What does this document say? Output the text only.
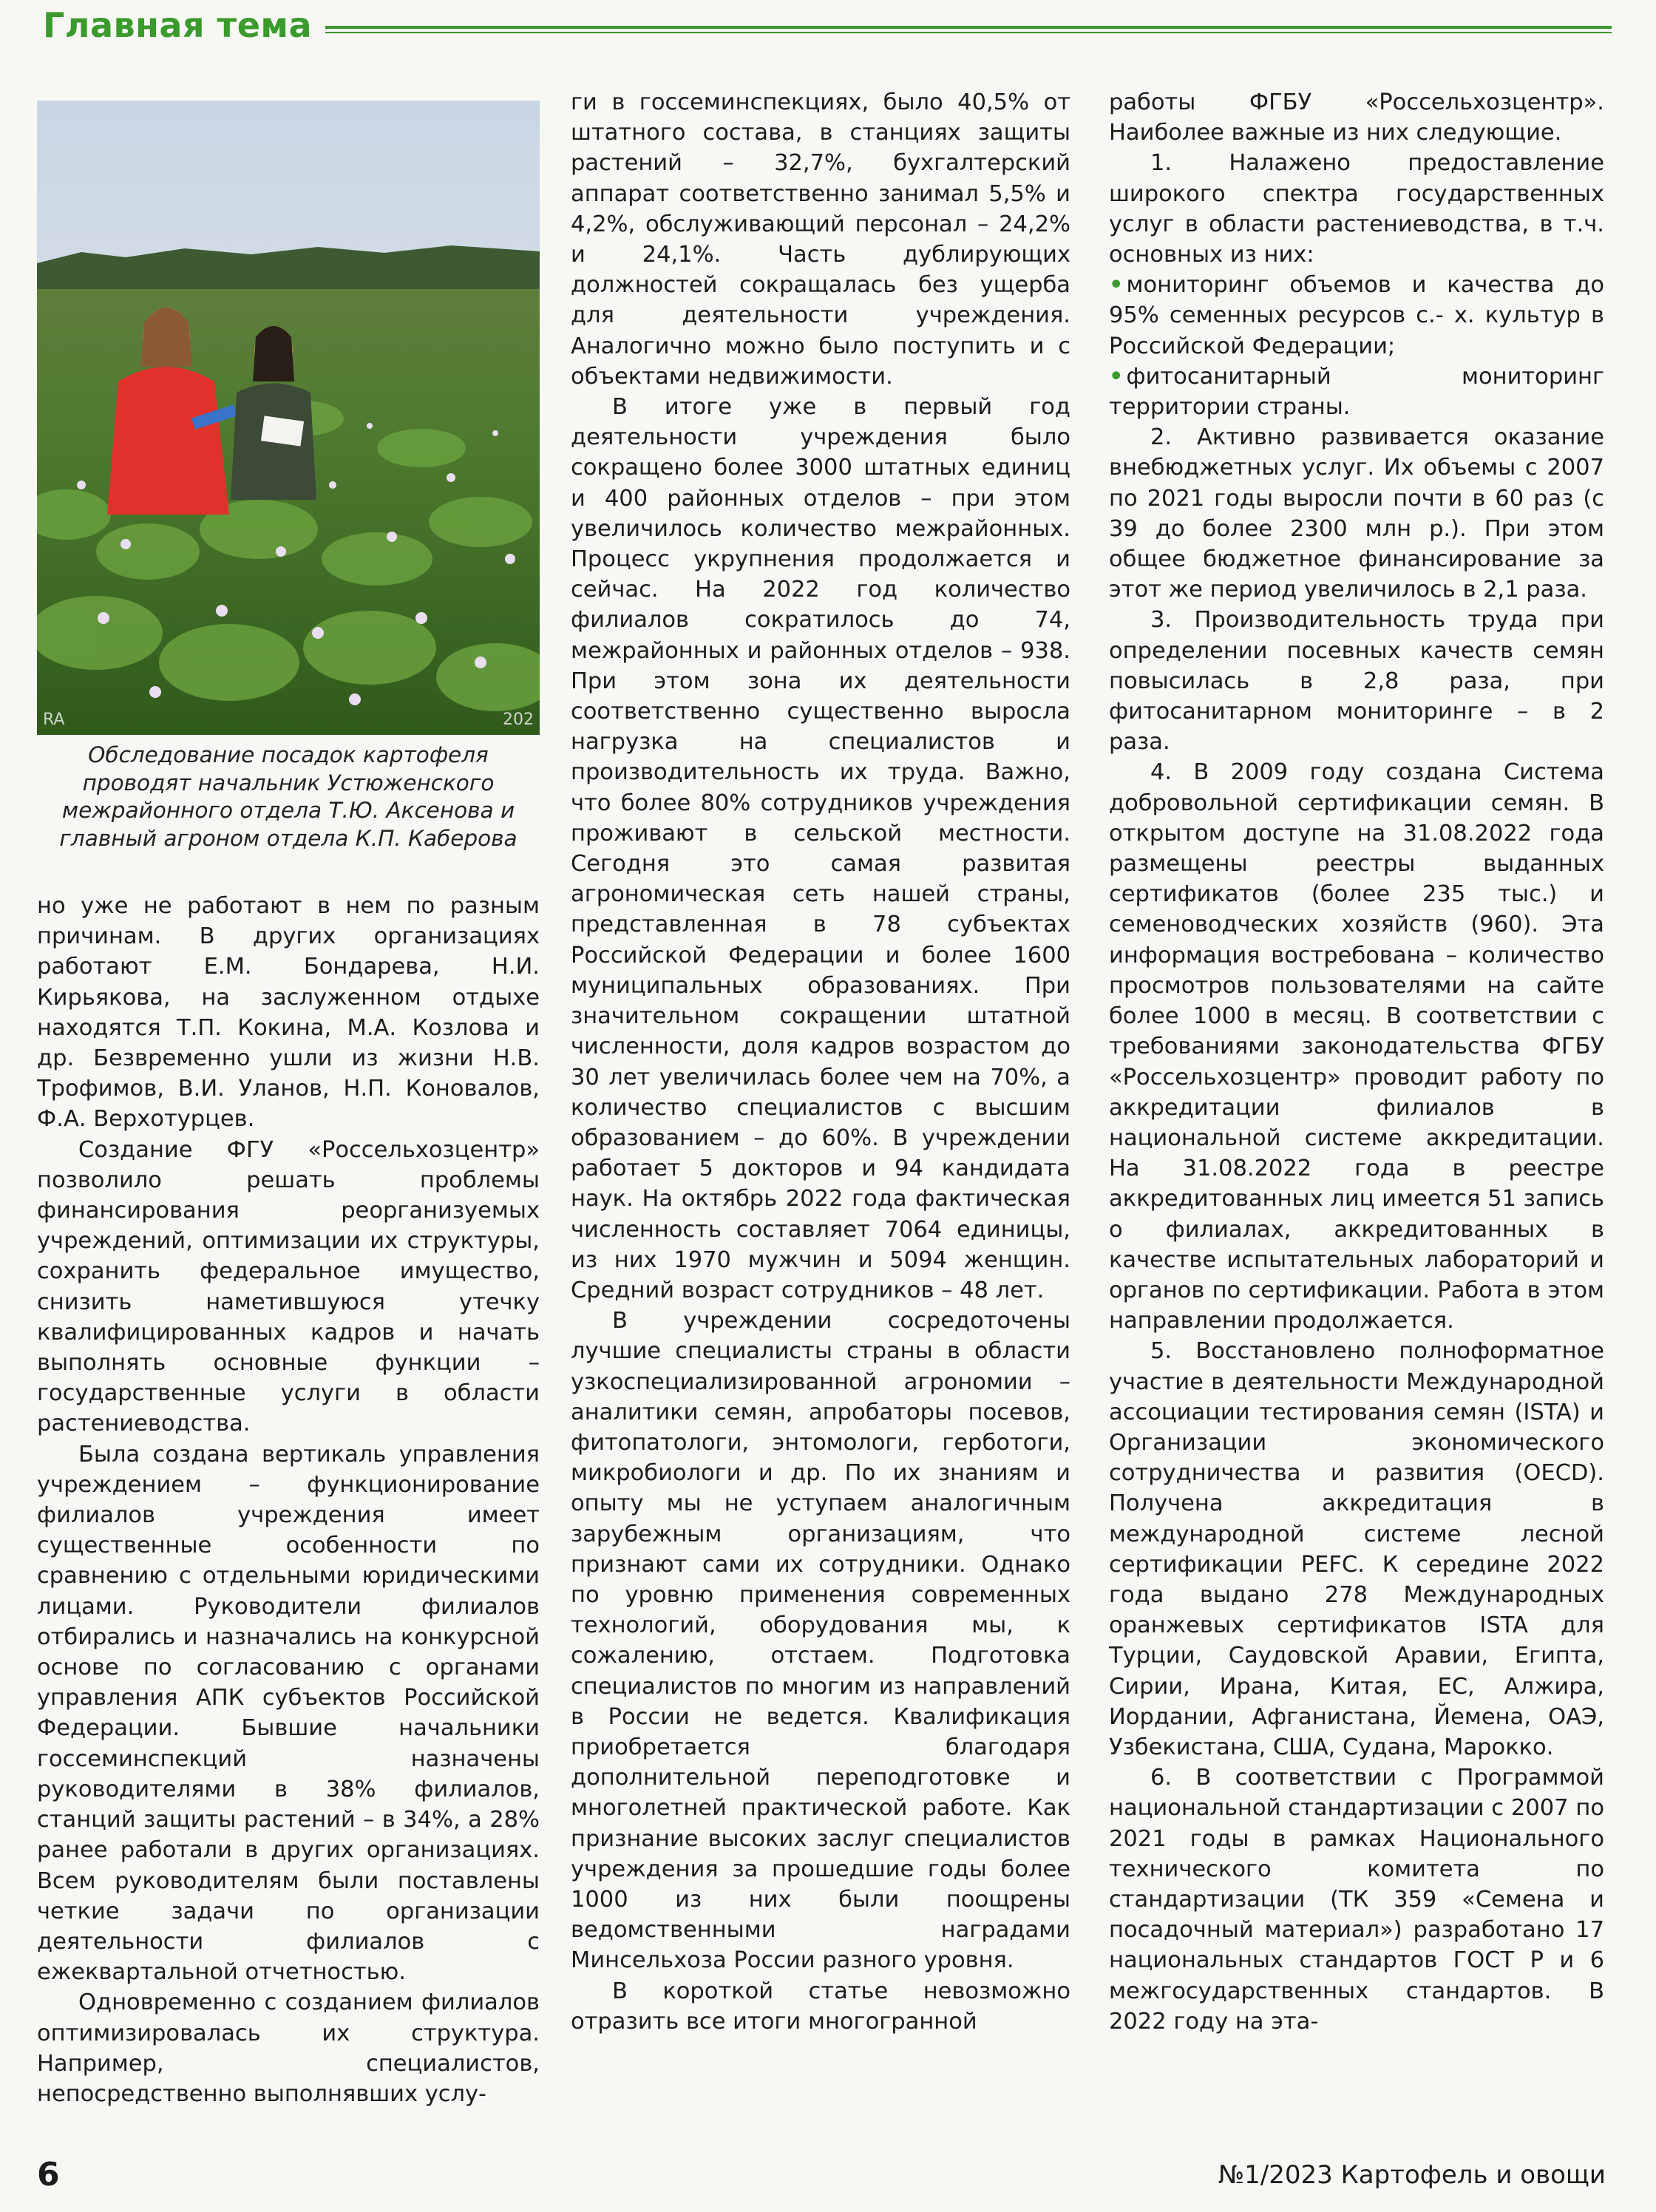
Главная тема
RA	202
Обследование посадок картофеля проводят начальник Устюженского межрайонного отдела Т.Ю. Аксенова и главный агроном отдела К.П. Каберова

но уже не работают в нем по разным причинам. В других организациях работают Е.М. Бондарева, Н.И. Кирьякова, на заслуженном отдыхе находятся Т.П. Кокина, М.А. Козлова и др. Безвременно ушли из жизни Н.В. Трофимов, В.И. Уланов, Н.П. Коновалов, Ф.А. Верхотурцев.

Создание ФГУ «Россельхозцентр» позволило решать проблемы финансирования реорганизуемых учреждений, оптимизации их структуры, сохранить федеральное имущество, снизить наметившуюся утечку квалифицированных кадров и начать выполнять основные функции – государственные услуги в области растениеводства.

Была создана вертикаль управления учреждением – функционирование филиалов учреждения имеет существенные особенности по сравнению с отдельными юридическими лицами. Руководители филиалов отбирались и назначались на конкурсной основе по согласованию с органами управления АПК субъектов Российской Федерации. Бывшие начальники госсеминспекций назначены руководителями в 38% филиалов, станций защиты растений – в 34%, а 28% ранее работали в других организациях. Всем руководителям были поставлены четкие задачи по организации деятельности филиалов с ежеквартальной отчетностью.

Одновременно с созданием филиалов оптимизировалась их структура. Например, специалистов, непосредственно выполнявших услу-

ги в госсеминспекциях, было 40,5% от штатного состава, в станциях защиты растений – 32,7%, бухгалтерский аппарат соответственно занимал 5,5% и 4,2%, обслуживающий персонал – 24,2% и 24,1%. Часть дублирующих должностей сокращалась без ущерба для деятельности учреждения. Аналогично можно было поступить и с объектами недвижимости.

В итоге уже в первый год деятельности учреждения было сокращено более 3000 штатных единиц и 400 районных отделов – при этом увеличилось количество межрайонных. Процесс укрупнения продолжается и сейчас. На 2022 год количество филиалов сократилось до 74, межрайонных и районных отделов – 938. При этом зона их деятельности соответственно существенно выросла нагрузка на специалистов и производительность их труда. Важно, что более 80% сотрудников учреждения проживают в сельской местности. Сегодня это самая развитая агрономическая сеть нашей страны, представленная в 78 субъектах Российской Федерации и более 1600 муниципальных образованиях. При значительном сокращении штатной численности, доля кадров возрастом до 30 лет увеличилась более чем на 70%, а количество специалистов с высшим образованием – до 60%. В учреждении работает 5 докторов и 94 кандидата наук. На октябрь 2022 года фактическая численность составляет 7064 единицы, из них 1970 мужчин и 5094 женщин. Средний возраст сотрудников – 48 лет.

В учреждении сосредоточены лучшие специалисты страны в области узкоспециализированной агрономии – аналитики семян, апробаторы посевов, фитопатологи, энтомологи, герботоги, микробиологи и др. По их знаниям и опыту мы не уступаем аналогичным зарубежным организациям, что признают сами их сотрудники. Однако по уровню применения современных технологий, оборудования мы, к сожалению, отстаем. Подготовка специалистов по многим из направлений в России не ведется. Квалификация приобретается благодаря дополнительной переподготовке и многолетней практической работе. Как признание высоких заслуг специалистов учреждения за прошедшие годы более 1000 из них были поощрены ведомственными наградами Минсельхоза России разного уровня.

В короткой статье невозможно отразить все итоги многогранной

работы ФГБУ «Россельхозцентр». Наиболее важные из них следующие.

1. Налажено предоставление широкого спектра государственных услуг в области растениеводства, в т.ч. основных из них:

• мониторинг объемов и качества до 95% семенных ресурсов с.- х. культур в Российской Федерации;

• фитосанитарный мониторинг территории страны.

2. Активно развивается оказание внебюджетных услуг. Их объемы с 2007 по 2021 годы выросли почти в 60 раз (с 39 до более 2300 млн р.). При этом общее бюджетное финансирование за этот же период увеличилось в 2,1 раза.

3. Производительность труда при определении посевных качеств семян повысилась в 2,8 раза, при фитосанитарном мониторинге – в 2 раза.

4. В 2009 году создана Система добровольной сертификации семян. В открытом доступе на 31.08.2022 года размещены реестры выданных сертификатов (более 235 тыс.) и семеноводческих хозяйств (960). Эта информация востребована – количество просмотров пользователями на сайте более 1000 в месяц. В соответствии с требованиями законодательства ФГБУ «Россельхозцентр» проводит работу по аккредитации филиалов в национальной системе аккредитации. На 31.08.2022 года в реестре аккредитованных лиц имеется 51 запись о филиалах, аккредитованных в качестве испытательных лабораторий и органов по сертификации. Работа в этом направлении продолжается.

5. Восстановлено полноформатное участие в деятельности Международной ассоциации тестирования семян (ISTA) и Организации экономического сотрудничества и развития (OECD). Получена аккредитация в международной системе лесной сертификации PEFC. К середине 2022 года выдано 278 Международных оранжевых сертификатов ISTA для Турции, Саудовской Аравии, Египта, Сирии, Ирана, Китая, ЕС, Алжира, Иордании, Афганистана, Йемена, ОАЭ, Узбекистана, США, Судана, Марокко.

6. В соответствии с Программой национальной стандартизации с 2007 по 2021 годы в рамках Национального технического комитета по стандартизации (ТК 359 «Семена и посадочный материал») разработано 17 национальных стандартов ГОСТ Р и 6 межгосударственных стандартов. В 2022 году на эта-

6	№1/2023 Картофель и овощи
